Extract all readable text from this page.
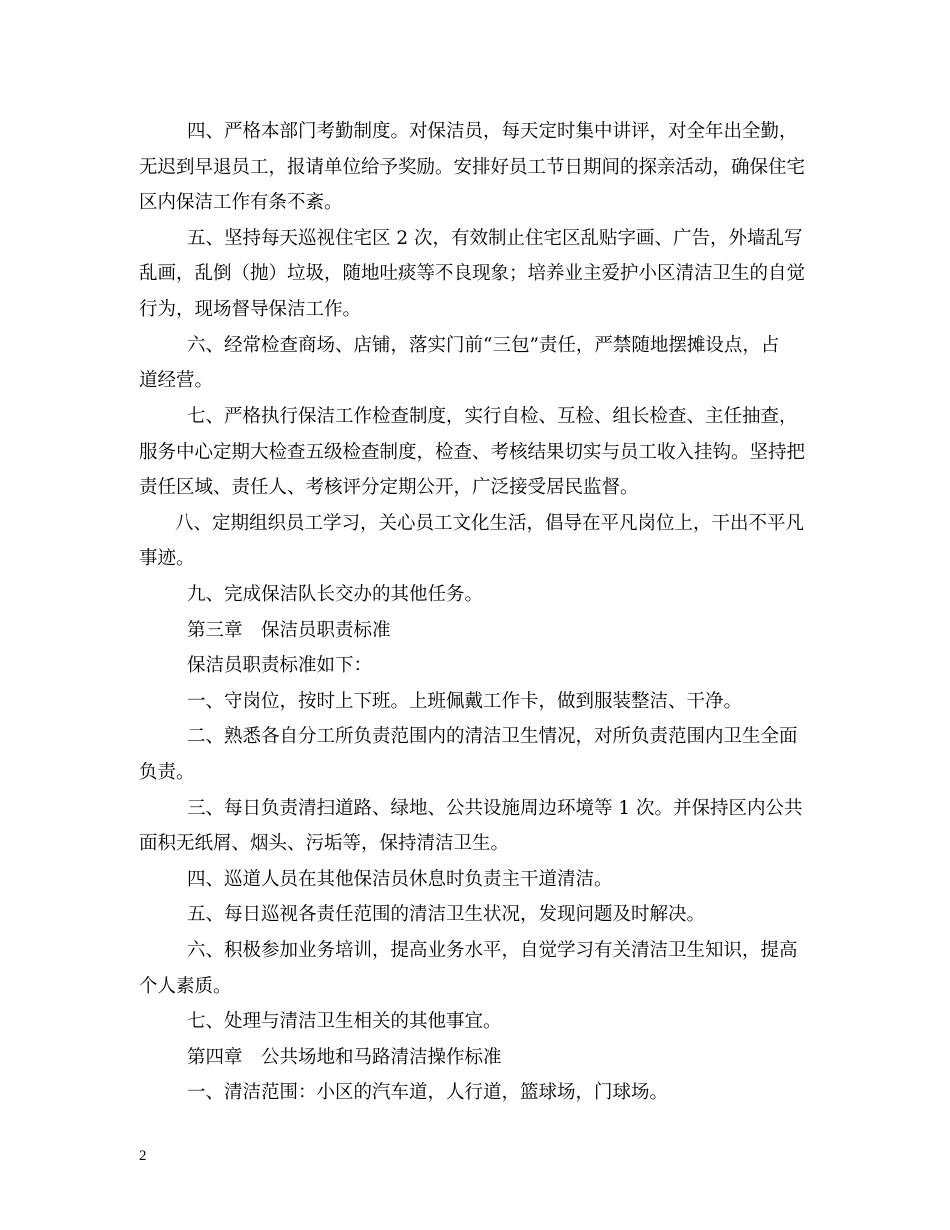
四、严格本部门考勤制度。对保洁员，每天定时集中讲评，对全年出全勤，
无迟到早退员工，报请单位给予奖励。安排好员工节日期间的探亲活动，确保住宅
区内保洁工作有条不紊。
五、坚持每天巡视住宅区 2 次，有效制止住宅区乱贴字画、广告，外墙乱写
乱画，乱倒（抛）垃圾，随地吐痰等不良现象；培养业主爱护小区清洁卫生的自觉
行为，现场督导保洁工作。
六、经常检查商场、店铺，落实门前“三包”责任，严禁随地摆摊设点，占
道经营。
七、严格执行保洁工作检查制度，实行自检、互检、组长检查、主任抽查，
服务中心定期大检查五级检查制度，检查、考核结果切实与员工收入挂钩。坚持把
责任区域、责任人、考核评分定期公开，广泛接受居民监督。
八、定期组织员工学习，关心员工文化生活，倡导在平凡岗位上，干出不平凡
事迹。
九、完成保洁队长交办的其他任务。
第三章　保洁员职责标准
保洁员职责标准如下：
一、守岗位，按时上下班。上班佩戴工作卡，做到服装整洁、干净。
二、熟悉各自分工所负责范围内的清洁卫生情况，对所负责范围内卫生全面
负责。
三、每日负责清扫道路、绿地、公共设施周边环境等 1 次。并保持区内公共
面积无纸屑、烟头、污垢等，保持清洁卫生。
四、巡道人员在其他保洁员休息时负责主干道清洁。
五、每日巡视各责任范围的清洁卫生状况，发现问题及时解决。
六、积极参加业务培训，提高业务水平，自觉学习有关清洁卫生知识，提高
个人素质。
七、处理与清洁卫生相关的其他事宜。
第四章　公共场地和马路清洁操作标准
一、清洁范围：小区的汽车道，人行道，篮球场，门球场。
2
